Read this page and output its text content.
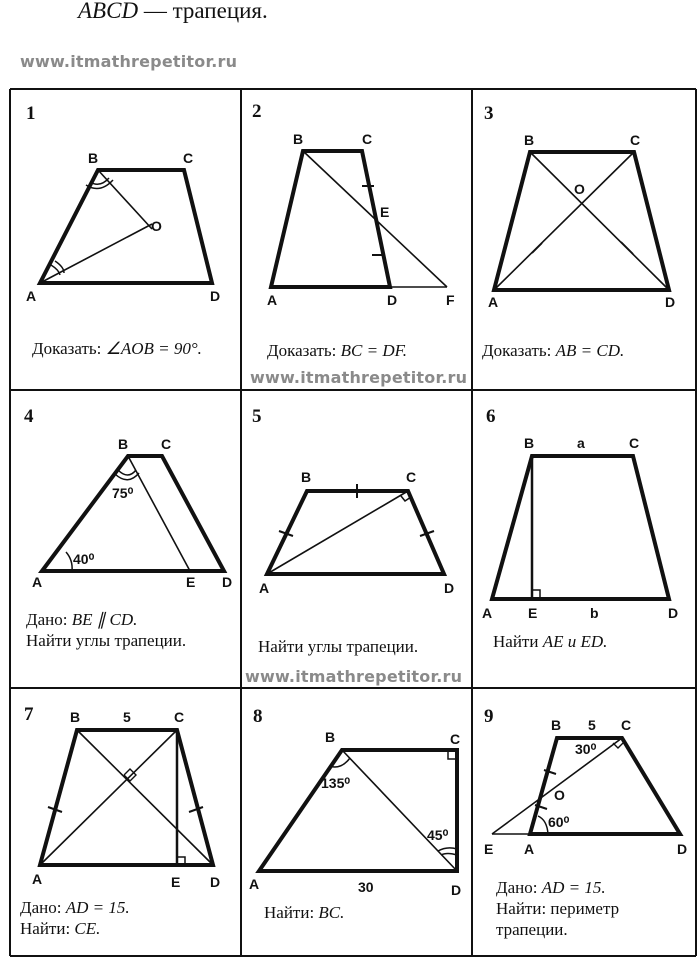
ABCD — трапеция.
www.itmathrepetitor.ru
www.itmathrepetitor.ru
www.itmathrepetitor.ru
1
B	C
A	D
O
Доказать: ∠AOB = 90°.
2
B	C
A	D
E
F
Доказать: BC = DF.
3
B	C
A	D
O
Доказать: AB = CD.
4
B C
A	E D
75⁰
40⁰
Дано: BE ∥ CD.
Найти углы трапеции.
5
B	C
A	D
Найти углы трапеции.
6
B	a	C
A	E	b	D
Найти AE и ED.
7	B	5	C
A	E D
Дано: AD = 15.
Найти: CE.
8
B	C
135⁰
45⁰
A	30	D
Найти: BC.
9	B 5 C
30⁰
O
60⁰
E A	D
Дано: AD = 15.
Найти: периметр
трапеции.
